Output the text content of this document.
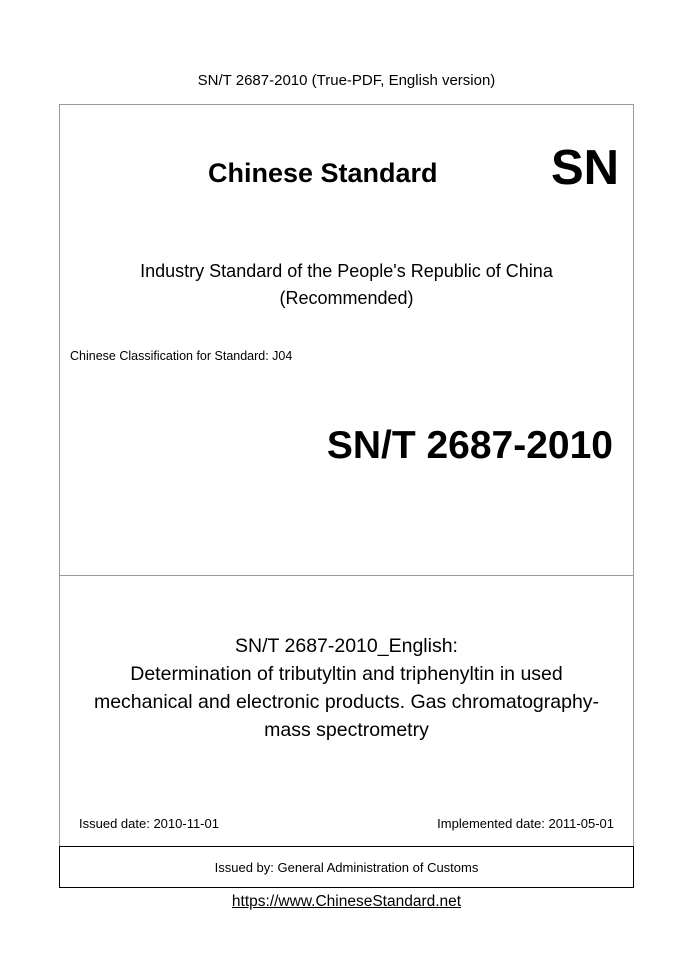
SN/T 2687-2010 (True-PDF, English version)
Issued by: General Administration of Customs
Chinese Standard SN
Industry Standard of the People's Republic of China
(Recommended)
Chinese Classification for Standard: J04
SN/T 2687-2010
SN/T 2687-2010_English:
Determination of tributyltin and triphenyltin in used
mechanical and electronic products. Gas chromatography-
mass spectrometry
Issued date: 2010-11-01	Implemented date: 2011-05-01
https://www.ChineseStandard.net
